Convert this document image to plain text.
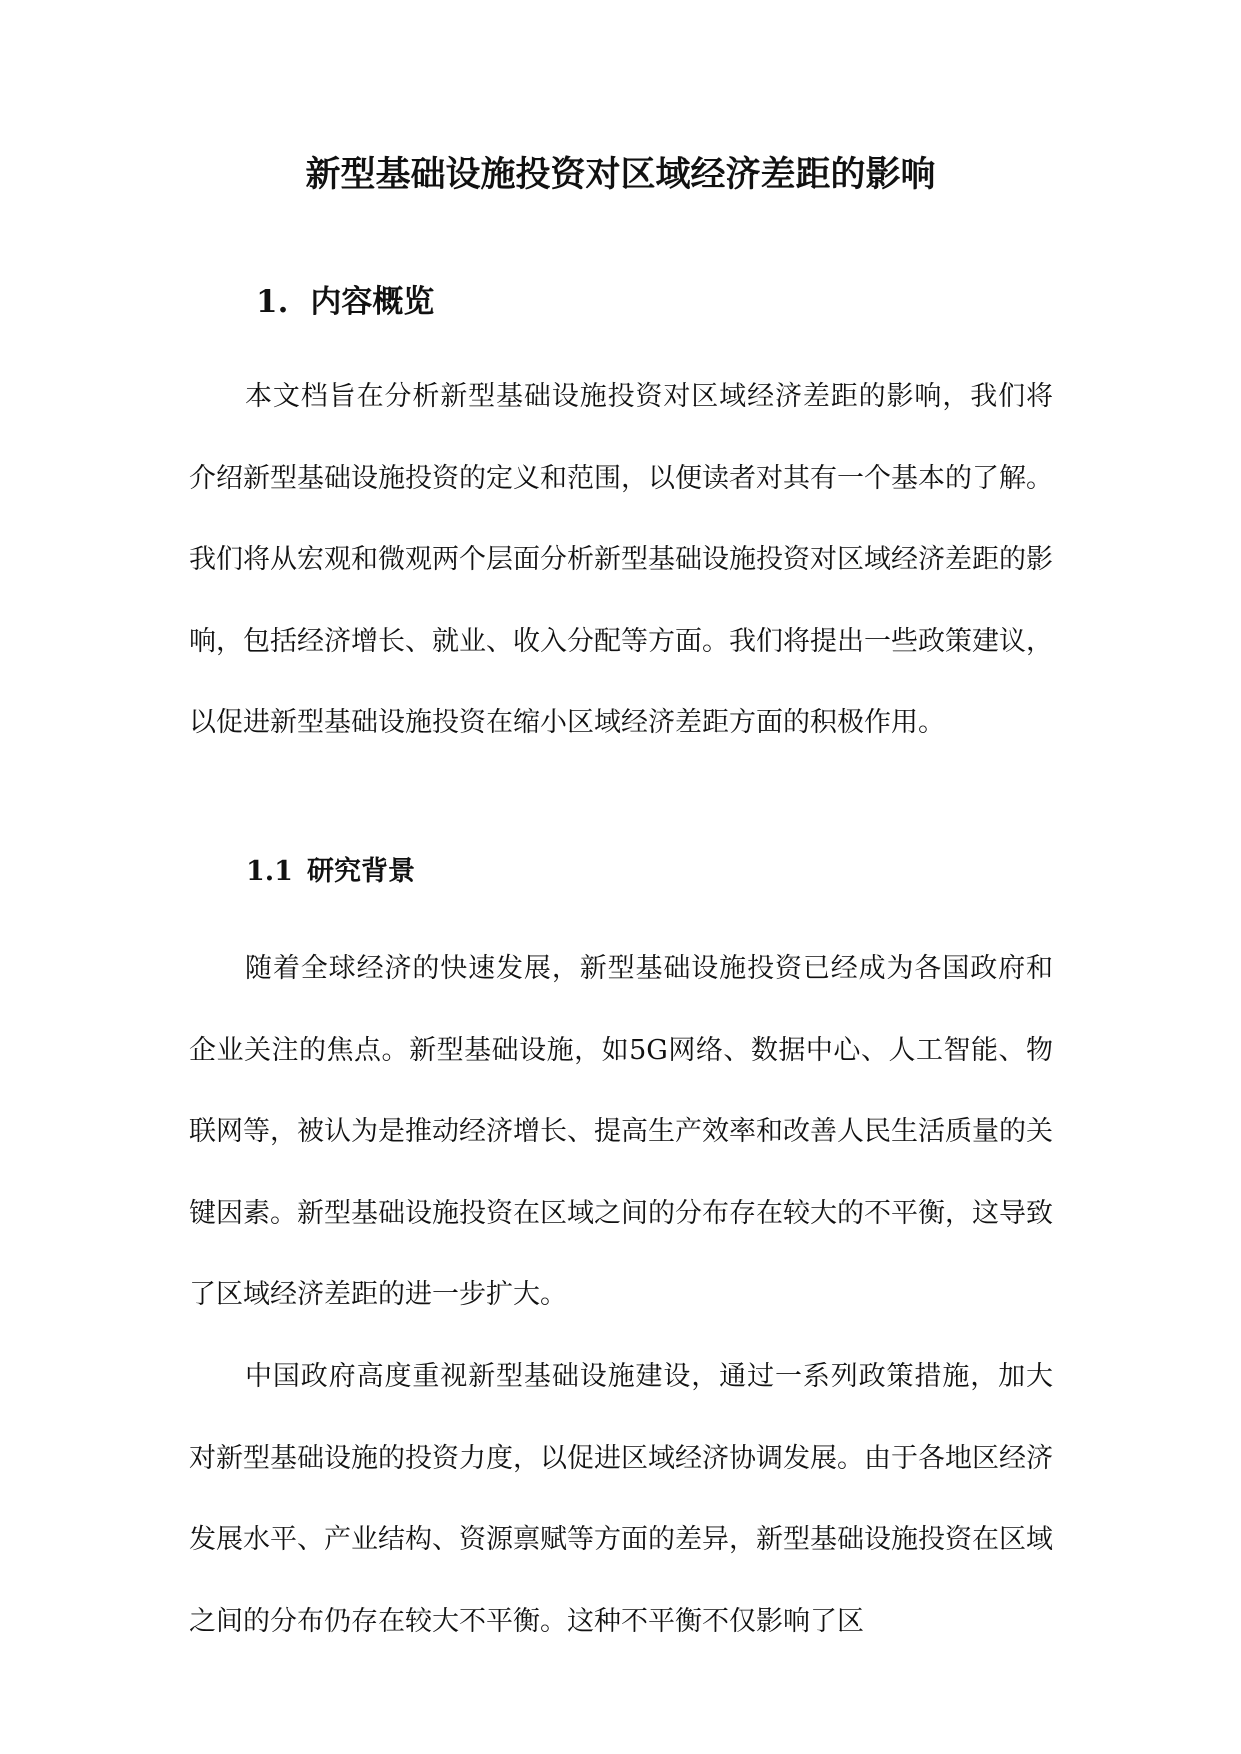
新型基础设施投资对区域经济差距的影响
1. 内容概览

本文档旨在分析新型基础设施投资对区域经济差距的影响，我们将介绍新型基础设施投资的定义和范围，以便读者对其有一个基本的了解。我们将从宏观和微观两个层面分析新型基础设施投资对区域经济差距的影响，包括经济增长、就业、收入分配等方面。我们将提出一些政策建议，以促进新型基础设施投资在缩小区域经济差距方面的积极作用。

1.1 研究背景

随着全球经济的快速发展，新型基础设施投资已经成为各国政府和企业关注的焦点。新型基础设施，如5G网络、数据中心、人工智能、物联网等，被认为是推动经济增长、提高生产效率和改善人民生活质量的关键因素。新型基础设施投资在区域之间的分布存在较大的不平衡，这导致了区域经济差距的进一步扩大。

中国政府高度重视新型基础设施建设，通过一系列政策措施，加大对新型基础设施的投资力度，以促进区域经济协调发展。由于各地区经济发展水平、产业结构、资源禀赋等方面的差异，新型基础设施投资在区域之间的分布仍存在较大不平衡。这种不平衡不仅影响了区
